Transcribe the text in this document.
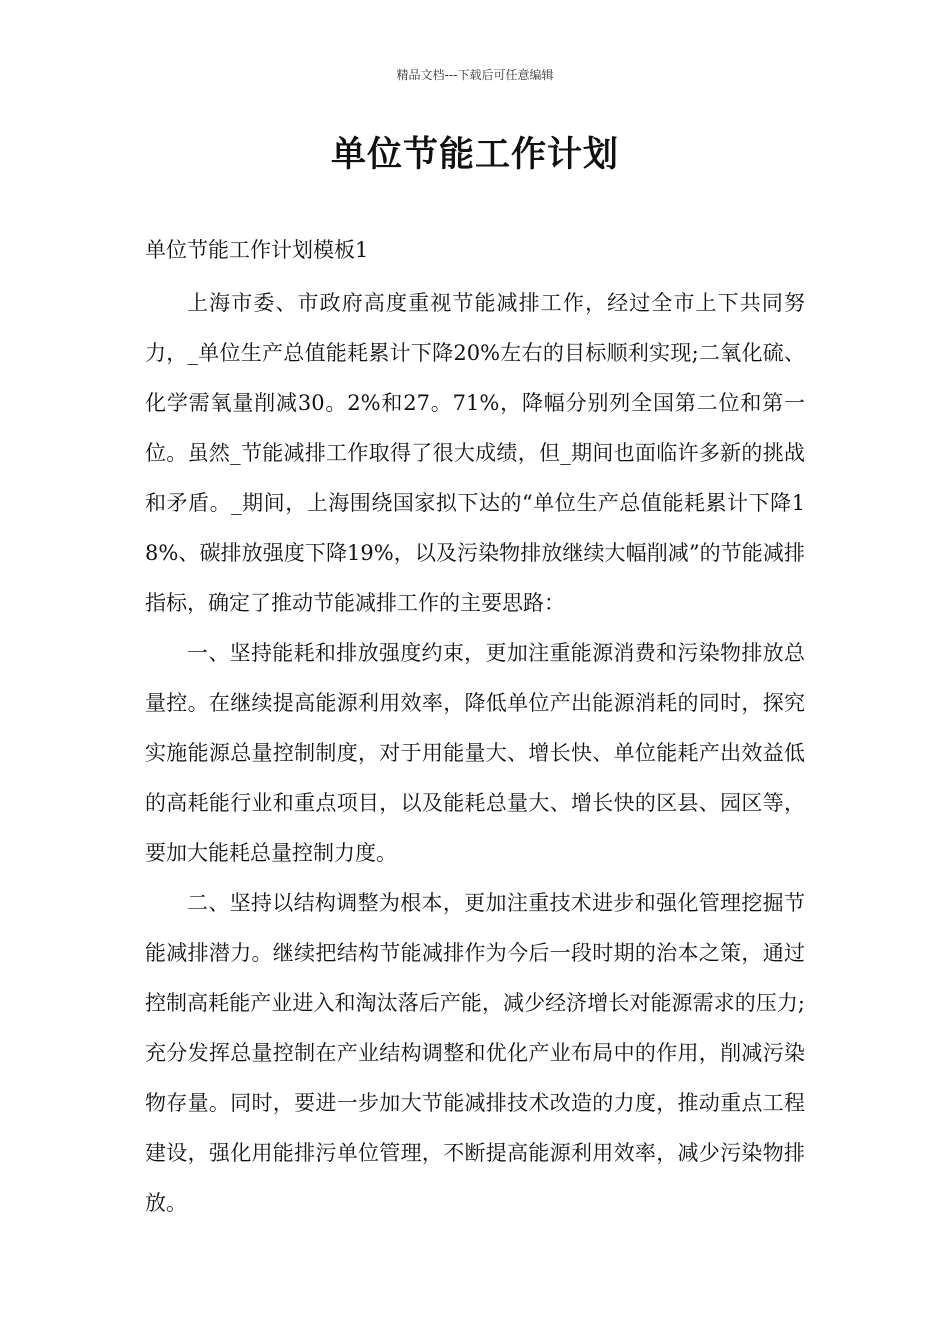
精品文档---下载后可任意编辑
单位节能工作计划
单位节能工作计划模板1

上海市委、市政府高度重视节能减排工作，经过全市上下共同努力，_单位生产总值能耗累计下降20%左右的目标顺利实现;二氧化硫、化学需氧量削减30。2%和27。71%，降幅分别列全国第二位和第一位。虽然_节能减排工作取得了很大成绩，但_期间也面临许多新的挑战和矛盾。_期间，上海围绕国家拟下达的“单位生产总值能耗累计下降18%、碳排放强度下降19%，以及污染物排放继续大幅削减”的节能减排指标，确定了推动节能减排工作的主要思路：

一、坚持能耗和排放强度约束，更加注重能源消费和污染物排放总量控。在继续提高能源利用效率，降低单位产出能源消耗的同时，探究实施能源总量控制制度，对于用能量大、增长快、单位能耗产出效益低的高耗能行业和重点项目，以及能耗总量大、增长快的区县、园区等，要加大能耗总量控制力度。

二、坚持以结构调整为根本，更加注重技术进步和强化管理挖掘节能减排潜力。继续把结构节能减排作为今后一段时期的治本之策，通过控制高耗能产业进入和淘汰落后产能，减少经济增长对能源需求的压力;充分发挥总量控制在产业结构调整和优化产业布局中的作用，削减污染物存量。同时，要进一步加大节能减排技术改造的力度，推动重点工程建设，强化用能排污单位管理，不断提高能源利用效率，减少污染物排放。
